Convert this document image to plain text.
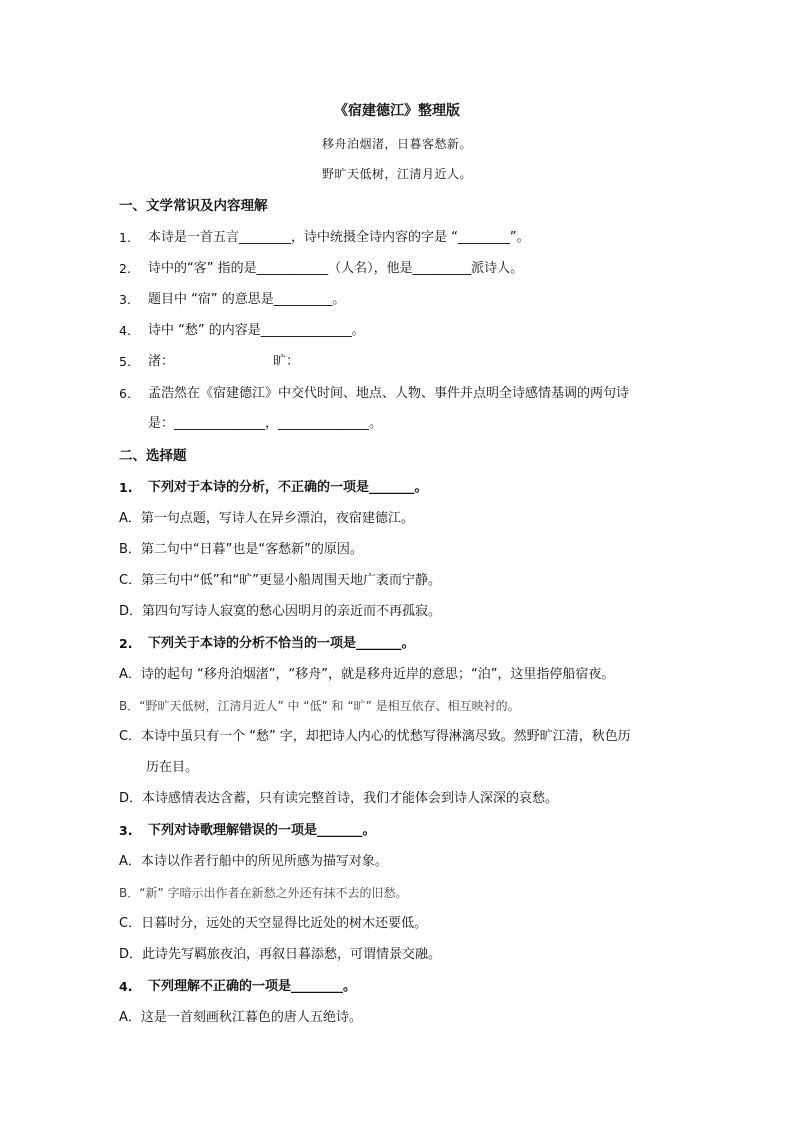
《宿建德江》整理版
移舟泊烟渚，日暮客愁新。
野旷天低树，江清月近人。
一、文学常识及内容理解
1. 本诗是一首五言________，诗中统摄全诗内容的字是 “________”。
2. 诗中的“客” 指的是___________（人名），他是_________派诗人。
3. 题目中 “宿” 的意思是_________。
4. 诗中 “愁” 的内容是______________。
5. 渚：                        旷：
6. 孟浩然在《宿建德江》中交代时间、地点、人物、事件并点明全诗感情基调的两句诗
是：______________，______________。
二、选择题
1. 下列对于本诗的分析，不正确的一项是_______。
A．第一句点题，写诗人在异乡漂泊，夜宿建德江。
B．第二句中“日暮”也是“客愁新”的原因。
C．第三句中“低”和“旷”更显小船周围天地广袤而宁静。
D．第四句写诗人寂寞的愁心因明月的亲近而不再孤寂。
2. 下列关于本诗的分析不恰当的一项是_______。
A．诗的起句 “移舟泊烟渚”，“移舟”，就是移舟近岸的意思；“泊”，这里指停船宿夜。
B．“野旷天低树，江清月近人” 中 “低” 和 “旷” 是相互依存、相互映衬的。
C．本诗中虽只有一个 “愁” 字，却把诗人内心的忧愁写得淋漓尽致。然野旷江清，秋色历
历在目。
D．本诗感情表达含蓄，只有读完整首诗，我们才能体会到诗人深深的哀愁。
3. 下列对诗歌理解错误的一项是_______。
A．本诗以作者行船中的所见所感为描写对象。
B．“新” 字暗示出作者在新愁之外还有抹不去的旧愁。
C．日暮时分，远处的天空显得比近处的树木还要低。
D．此诗先写羁旅夜泊，再叙日暮添愁，可谓情景交融。
4. 下列理解不正确的一项是________。
A．这是一首刻画秋江暮色的唐人五绝诗。
